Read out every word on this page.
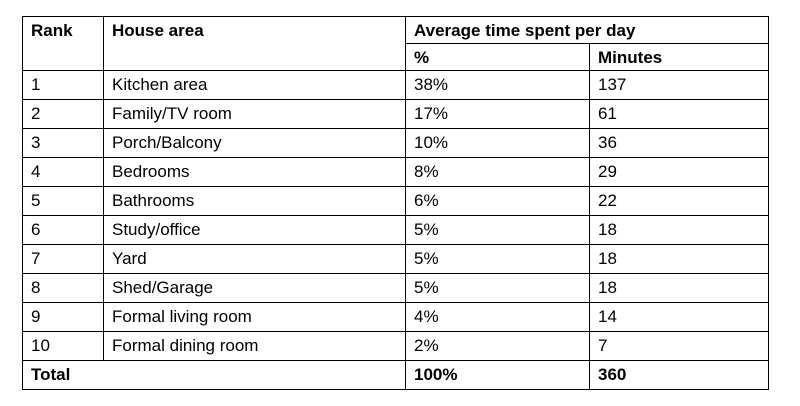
Rank	House area	Average time spent per day	
		%	Minutes
1	Kitchen area	38%	137
2	Family/TV room	17%	61
3	Porch/Balcony	10%	36
4	Bedrooms	8%	29
5	Bathrooms	6%	22
6	Study/office	5%	18
7	Yard	5%	18
8	Shed/Garage	5%	18
9	Formal living room	4%	14
10	Formal dining room	2%	7
Total		100%	360
